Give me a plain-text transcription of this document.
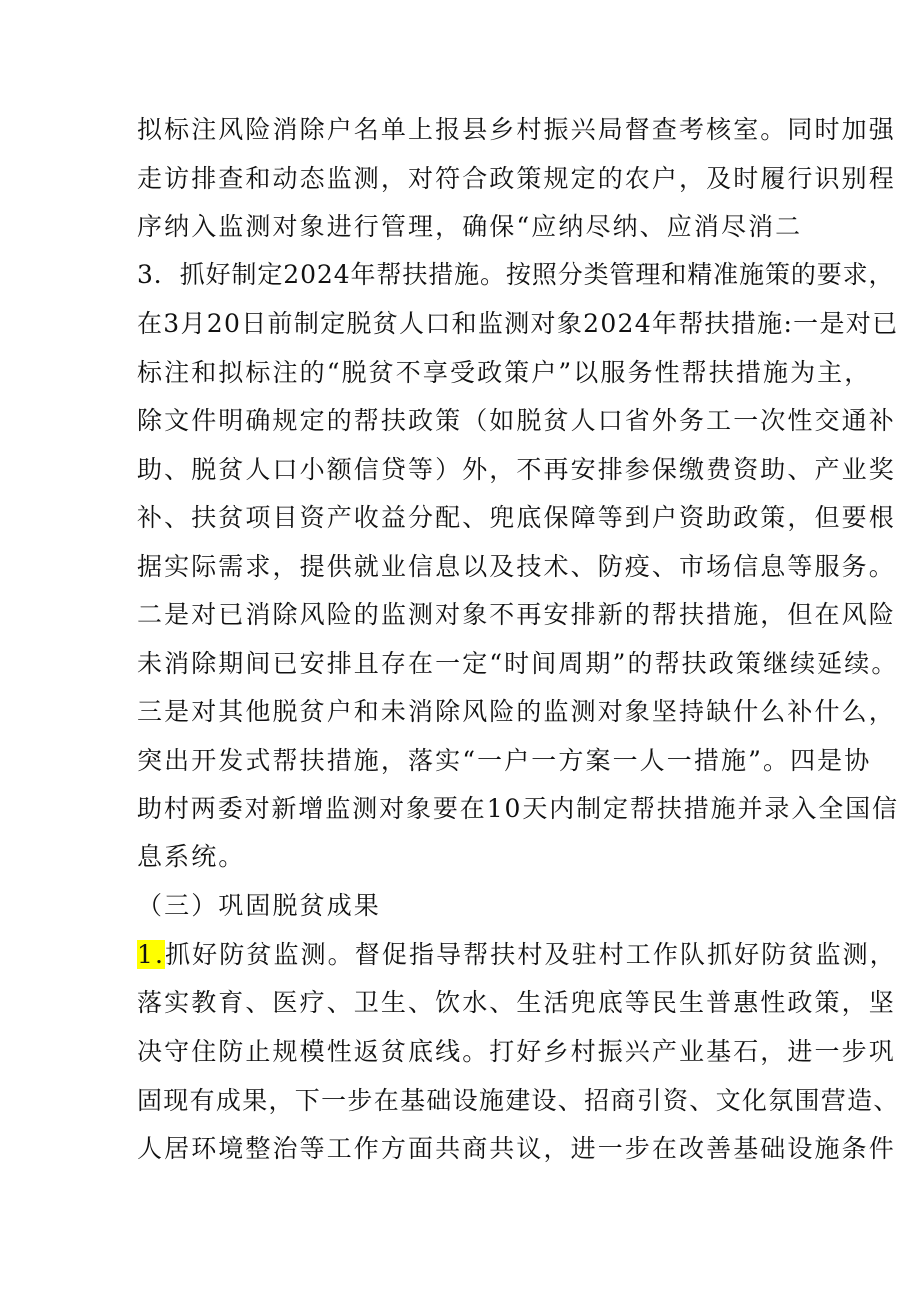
拟标注风险消除户名单上报县乡村振兴局督查考核室。同时加强
走访排查和动态监测，对符合政策规定的农户，及时履行识别程
序纳入监测对象进行管理，确保“应纳尽纳、应消尽消二
3．抓好制定2024年帮扶措施。按照分类管理和精准施策的要求，
在3月20日前制定脱贫人口和监测对象2024年帮扶措施:一是对已
标注和拟标注的“脱贫不享受政策户”以服务性帮扶措施为主，
除文件明确规定的帮扶政策（如脱贫人口省外务工一次性交通补
助、脱贫人口小额信贷等）外，不再安排参保缴费资助、产业奖
补、扶贫项目资产收益分配、兜底保障等到户资助政策，但要根
据实际需求，提供就业信息以及技术、防疫、市场信息等服务。
二是对已消除风险的监测对象不再安排新的帮扶措施，但在风险
未消除期间已安排且存在一定“时间周期”的帮扶政策继续延续。
三是对其他脱贫户和未消除风险的监测对象坚持缺什么补什么，
突出开发式帮扶措施，落实“一户一方案一人一措施”。四是协
助村两委对新增监测对象要在10天内制定帮扶措施并录入全国信
息系统。
（三）巩固脱贫成果
1.抓好防贫监测。督促指导帮扶村及驻村工作队抓好防贫监测，
落实教育、医疗、卫生、饮水、生活兜底等民生普惠性政策，坚
决守住防止规模性返贫底线。打好乡村振兴产业基石，进一步巩
固现有成果，下一步在基础设施建设、招商引资、文化氛围营造、
人居环境整治等工作方面共商共议，进一步在改善基础设施条件
